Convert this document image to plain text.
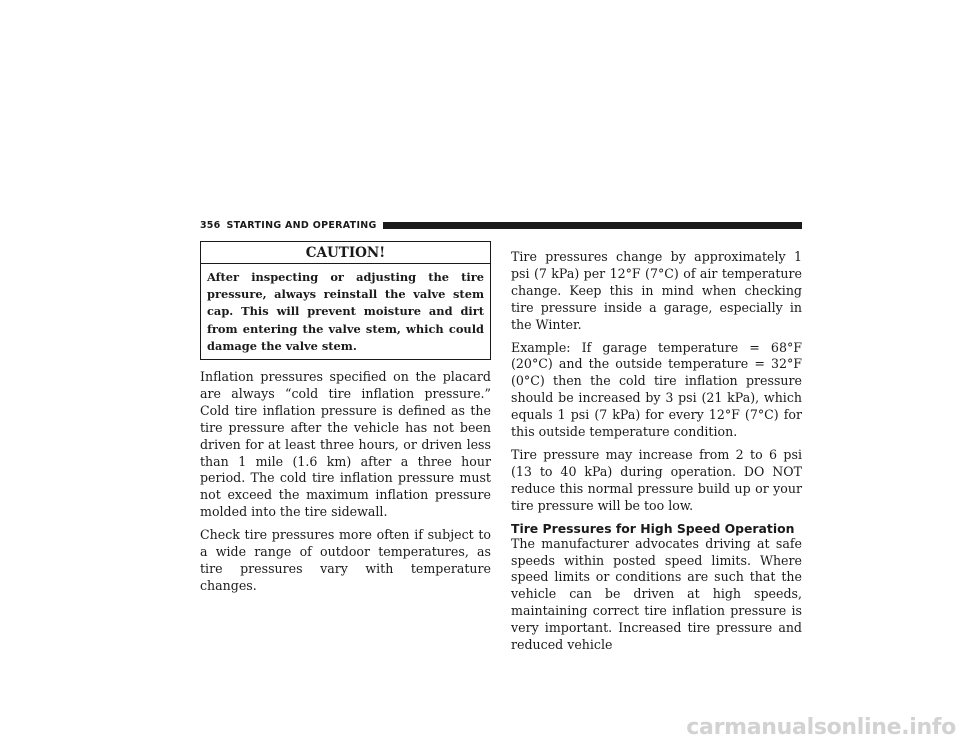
356 STARTING AND OPERATING
CAUTION!
After inspecting or adjusting the tire pressure, always reinstall the valve stem cap. This will prevent moisture and dirt from entering the valve stem, which could damage the valve stem.

Inflation pressures specified on the placard are always “cold tire inflation pressure.” Cold tire inflation pressure is defined as the tire pressure after the vehicle has not been driven for at least three hours, or driven less than 1 mile (1.6 km) after a three hour period. The cold tire inflation pressure must not exceed the maximum inflation pressure molded into the tire sidewall.

Check tire pressures more often if subject to a wide range of outdoor temperatures, as tire pressures vary with temperature changes.

Tire pressures change by approximately 1 psi (7 kPa) per 12°F (7°C) of air temperature change. Keep this in mind when checking tire pressure inside a garage, especially in the Winter.

Example: If garage temperature = 68°F (20°C) and the outside temperature = 32°F (0°C) then the cold tire inflation pressure should be increased by 3 psi (21 kPa), which equals 1 psi (7 kPa) for every 12°F (7°C) for this outside temperature condition.

Tire pressure may increase from 2 to 6 psi (13 to 40 kPa) during operation. DO NOT reduce this normal pressure build up or your tire pressure will be too low.

Tire Pressures for High Speed Operation

The manufacturer advocates driving at safe speeds within posted speed limits. Where speed limits or conditions are such that the vehicle can be driven at high speeds, maintaining correct tire inflation pressure is very important. Increased tire pressure and reduced vehicle

carmanualsonline.info
